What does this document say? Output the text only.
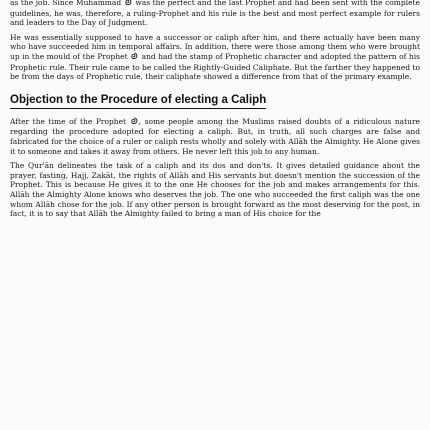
as the job. Since Muhammad  was the perfect and the last Prophet and had been sent with the complete guidelines, he was, therefore, a ruling-Prophet and his rule is the best and most perfect example for rulers and leaders to the Day of Judgment.

He was essentially supposed to have a successor or caliph after him, and there actually have been many who have succeeded him in temporal affairs. In addition, there were those among them who were brought up in the mould of the Prophet  and had the stamp of Prophetic character and adopted the pattern of his Prophetic rule. Their rule came to be called the Rightly-Guided Caliphate. But the farther they happened to be from the days of Prophetic rule, their caliphate showed a difference from that of the primary example.

Objection to the Procedure of electing a Caliph

After the time of the Prophet , some people among the Muslims raised doubts of a ridiculous nature regarding the procedure adopted for electing a caliph. But, in truth, all such charges are false and fabricated for the choice of a ruler or caliph rests wholly and solely with Allāh the Almighty. He Alone gives it to someone and takes it away from others. He never left this job to any human.

The Qur'ān delineates the task of a caliph and its dos and don'ts. It gives detailed guidance about the prayer, fasting, Hajj, Zakāt, the rights of Allāh and His servants but doesn't mention the succession of the Prophet. This is because He gives it to the one He chooses for the job and makes arrangements for this. Allāh the Almighty Alone knows who deserves the job. The one who succeeded the first caliph was the one whom Allāh chose for the job. If any other person is brought forward as the most deserving for the post, in fact, it is to say that Allāh the Almighty failed to bring a man of His choice for the
